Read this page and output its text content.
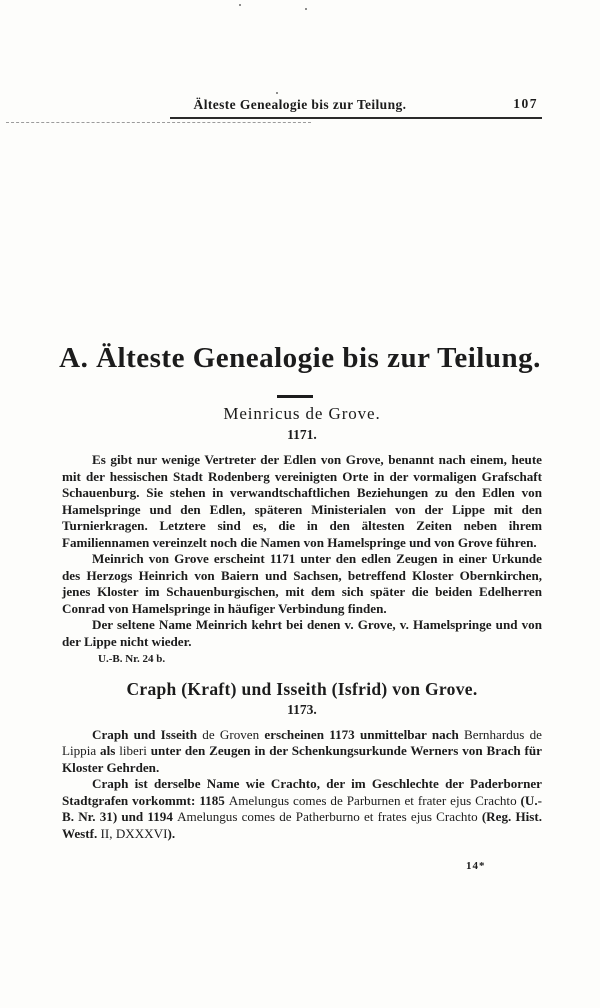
Älteste Genealogie bis zur Teilung.	107
A. Älteste Genealogie bis zur Teilung.

Meinricus de Grove.

1171.

Es gibt nur wenige Vertreter der Edlen von Grove, benannt nach einem, heute mit der hessischen Stadt Rodenberg vereinigten Orte in der vormaligen Grafschaft Schauenburg. Sie stehen in verwandtschaftlichen Beziehungen zu den Edlen von Hamelspringe und den Edlen, späteren Ministerialen von der Lippe mit den Turnierkragen. Letztere sind es, die in den ältesten Zeiten neben ihrem Familiennamen vereinzelt noch die Namen von Hamelspringe und von Grove führen.

Meinrich von Grove erscheint 1171 unter den edlen Zeugen in einer Urkunde des Herzogs Heinrich von Baiern und Sachsen, betreffend Kloster Obernkirchen, jenes Kloster im Schauenburgischen, mit dem sich später die beiden Edelherren Conrad von Hamelspringe in häufiger Verbindung finden.

Der seltene Name Meinrich kehrt bei denen v. Grove, v. Hamelspringe und von der Lippe nicht wieder.

U.-B. Nr. 24 b.

Craph (Kraft) und Isseith (Isfrid) von Grove.

1173.

Craph und Isseith de Groven erscheinen 1173 unmittelbar nach Bernhardus de Lippia als liberi unter den Zeugen in der Schenkungsurkunde Werners von Brach für Kloster Gehrden.

Craph ist derselbe Name wie Crachto, der im Geschlechte der Paderborner Stadtgrafen vorkommt: 1185 Amelungus comes de Parburnen et frater ejus Crachto (U.-B. Nr. 31) und 1194 Amelungus comes de Patherburno et frates ejus Crachto (Reg. Hist. Westf. II, DXXXVI).

14*
